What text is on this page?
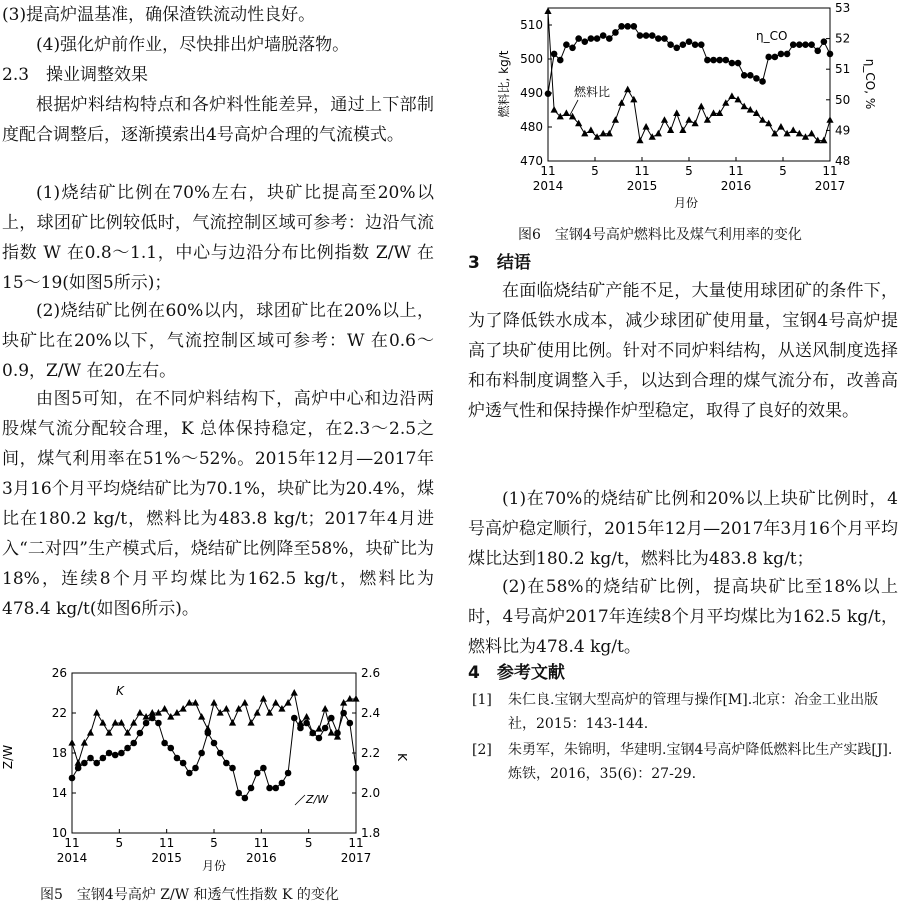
(3)提高炉温基准，确保渣铁流动性良好。

(4)强化炉前作业，尽快排出炉墙脱落物。

2.3　操业调整效果

根据炉料结构特点和各炉料性能差异，通过上下部制度配合调整后，逐渐摸索出4号高炉合理的气流模式。

(1)烧结矿比例在70%左右，块矿比提高至20%以上，球团矿比例较低时，气流控制区域可参考：边沿气流指数 W 在0.8～1.1，中心与边沿分布比例指数 Z/W 在15～19(如图5所示)；

(2)烧结矿比例在60%以内，球团矿比在20%以上，块矿比在20%以下，气流控制区域可参考：W 在0.6～0.9，Z/W 在20左右。

由图5可知，在不同炉料结构下，高炉中心和边沿两股煤气流分配较合理，K 总体保持稳定，在2.3～2.5之间，煤气利用率在51%～52%。2015年12月—2017年3月16个月平均烧结矿比为70.1%，块矿比为20.4%，煤比在180.2 kg/t，燃料比为483.8 kg/t；2017年4月进入“二对四”生产模式后，烧结矿比例降至58%，块矿比为18%，连续8个月平均煤比为162.5 kg/t，燃料比为478.4 kg/t(如图6所示)。

10
14
18
22
26
1.8
2.0
2.2
2.4
2.6
11	5	11	5	11	5	11
2014	2015	2016	2017
Z/W	K
月份
K
Z/W
图5　宝钢4号高炉 Z/W 和透气性指数 K 的变化
470
480
490
500
510
48
49
50
51
52
53
11	5	11	5	11	5	11
2014	2015	2016	2017
燃料比, kg/t	η_CO, %
月份
η_CO
燃料比
图6　宝钢4号高炉燃料比及煤气利用率的变化
3　结语

在面临烧结矿产能不足，大量使用球团矿的条件下，为了降低铁水成本，减少球团矿使用量，宝钢4号高炉提高了块矿使用比例。针对不同炉料结构，从送风制度选择和布料制度调整入手，以达到合理的煤气流分布，改善高炉透气性和保持操作炉型稳定，取得了良好的效果。

(1)在70%的烧结矿比例和20%以上块矿比例时，4号高炉稳定顺行，2015年12月—2017年3月16个月平均煤比达到180.2 kg/t，燃料比为483.8 kg/t；

(2)在58%的烧结矿比例，提高块矿比至18%以上时，4号高炉2017年连续8个月平均煤比为162.5 kg/t，燃料比为478.4 kg/t。

4　参考文献
[1] 朱仁良.宝钢大型高炉的管理与操作[M].北京：冶金工业出版社，2015：143-144.
[2] 朱勇军，朱锦明，华建明.宝钢4号高炉降低燃料比生产实践[J].炼铁，2016，35(6)：27-29.
